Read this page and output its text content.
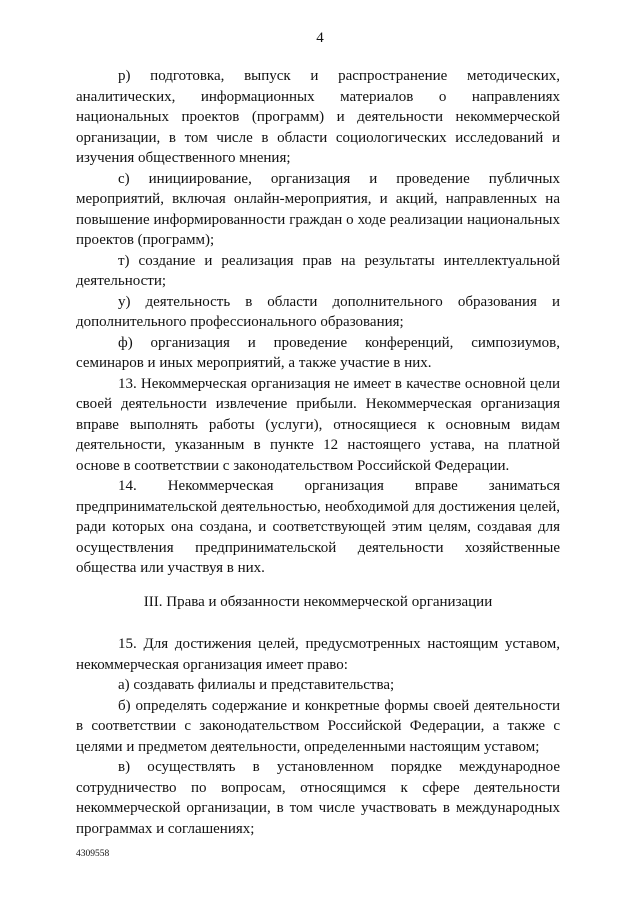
4

р) подготовка, выпуск и распространение методических, аналитических, информационных материалов о направлениях национальных проектов (программ) и деятельности некоммерческой организации, в том числе в области социологических исследований и изучения общественного мнения;

с) инициирование, организация и проведение публичных мероприятий, включая онлайн-мероприятия, и акций, направленных на повышение информированности граждан о ходе реализации национальных проектов (программ);

т) создание и реализация прав на результаты интеллектуальной деятельности;

у) деятельность в области дополнительного образования и дополнительного профессионального образования;

ф) организация и проведение конференций, симпозиумов, семинаров и иных мероприятий, а также участие в них.

13. Некоммерческая организация не имеет в качестве основной цели своей деятельности извлечение прибыли. Некоммерческая организация вправе выполнять работы (услуги), относящиеся к основным видам деятельности, указанным в пункте 12 настоящего устава, на платной основе в соответствии с законодательством Российской Федерации.

14. Некоммерческая организация вправе заниматься предпринимательской деятельностью, необходимой для достижения целей, ради которых она создана, и соответствующей этим целям, создавая для осуществления предпринимательской деятельности хозяйственные общества или участвуя в них.

III. Права и обязанности некоммерческой организации

15. Для достижения целей, предусмотренных настоящим уставом, некоммерческая организация имеет право:

а) создавать филиалы и представительства;

б) определять содержание и конкретные формы своей деятельности в соответствии с законодательством Российской Федерации, а также с целями и предметом деятельности, определенными настоящим уставом;

в) осуществлять в установленном порядке международное сотрудничество по вопросам, относящимся к сфере деятельности некоммерческой организации, в том числе участвовать в международных программах и соглашениях;

4309558
